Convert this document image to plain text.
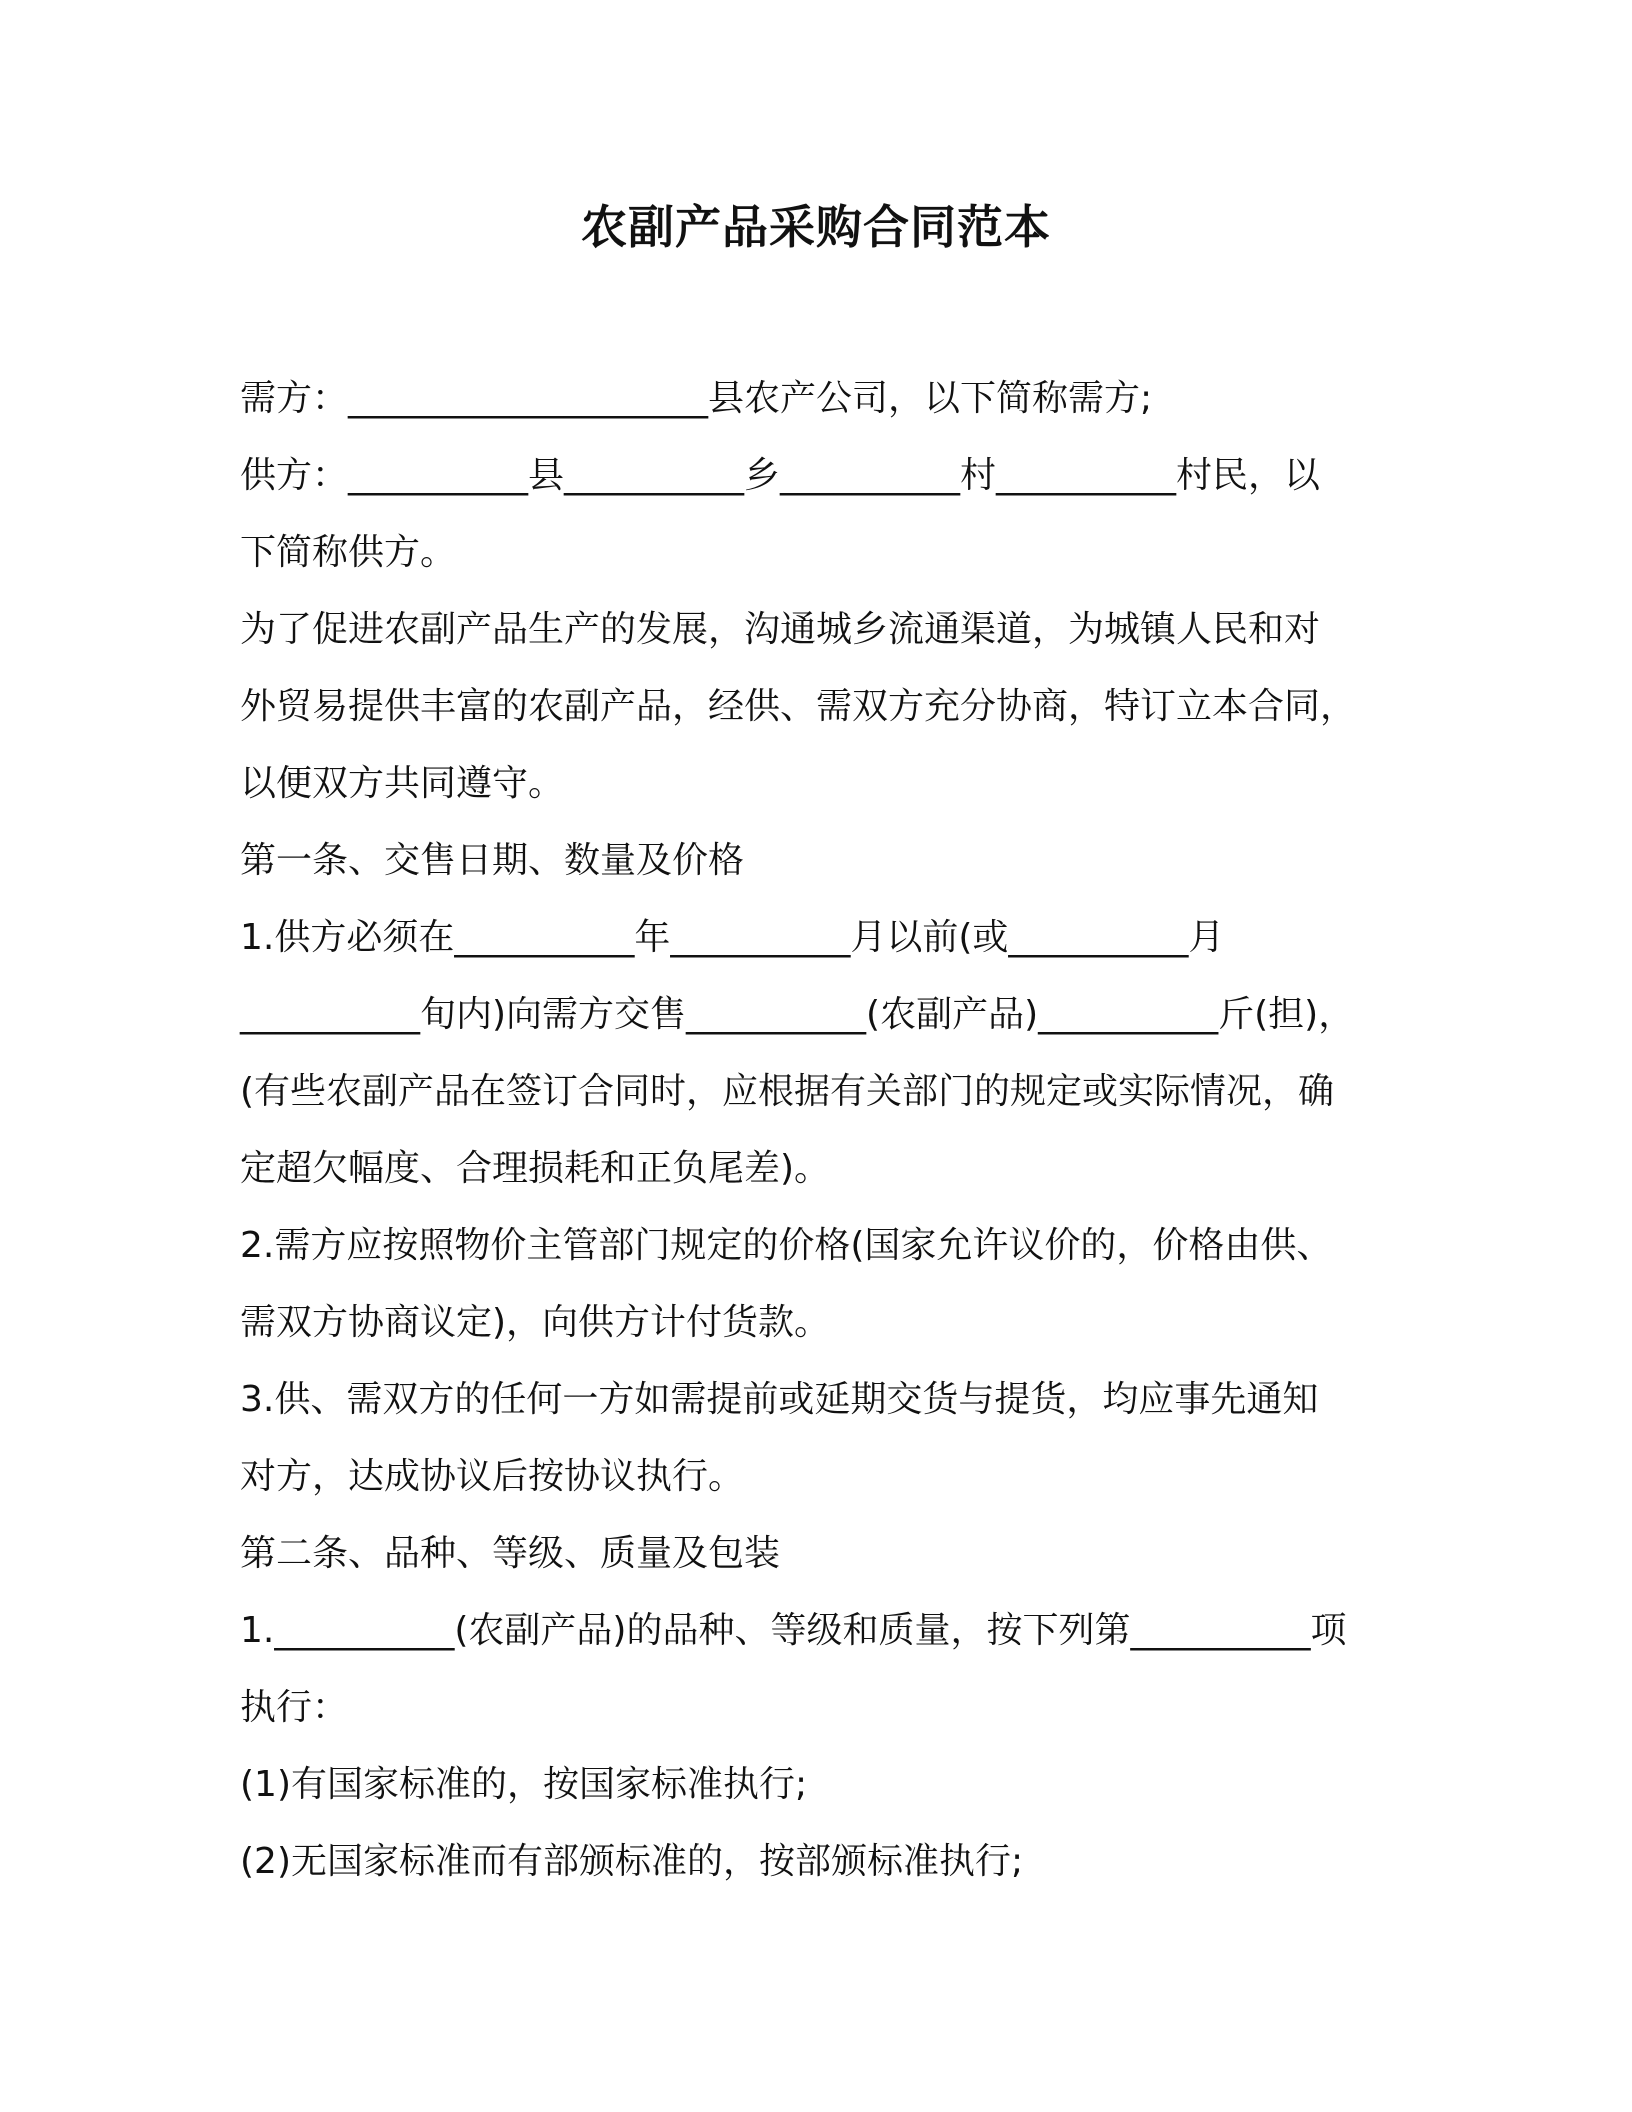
农副产品采购合同范本
需方：____________________县农产公司，以下简称需方;
供方：__________县__________乡__________村__________村民，以
下简称供方。
为了促进农副产品生产的发展，沟通城乡流通渠道，为城镇人民和对
外贸易提供丰富的农副产品，经供、需双方充分协商，特订立本合同，
以便双方共同遵守。
第一条、交售日期、数量及价格
1.供方必须在__________年__________月以前(或__________月
__________旬内)向需方交售__________(农副产品)__________斤(担)，
(有些农副产品在签订合同时，应根据有关部门的规定或实际情况，确
定超欠幅度、合理损耗和正负尾差)。
2.需方应按照物价主管部门规定的价格(国家允许议价的，价格由供、
需双方协商议定)，向供方计付货款。
3.供、需双方的任何一方如需提前或延期交货与提货，均应事先通知
对方，达成协议后按协议执行。
第二条、品种、等级、质量及包装
1.__________(农副产品)的品种、等级和质量，按下列第__________项
执行：
(1)有国家标准的，按国家标准执行;
(2)无国家标准而有部颁标准的，按部颁标准执行;
